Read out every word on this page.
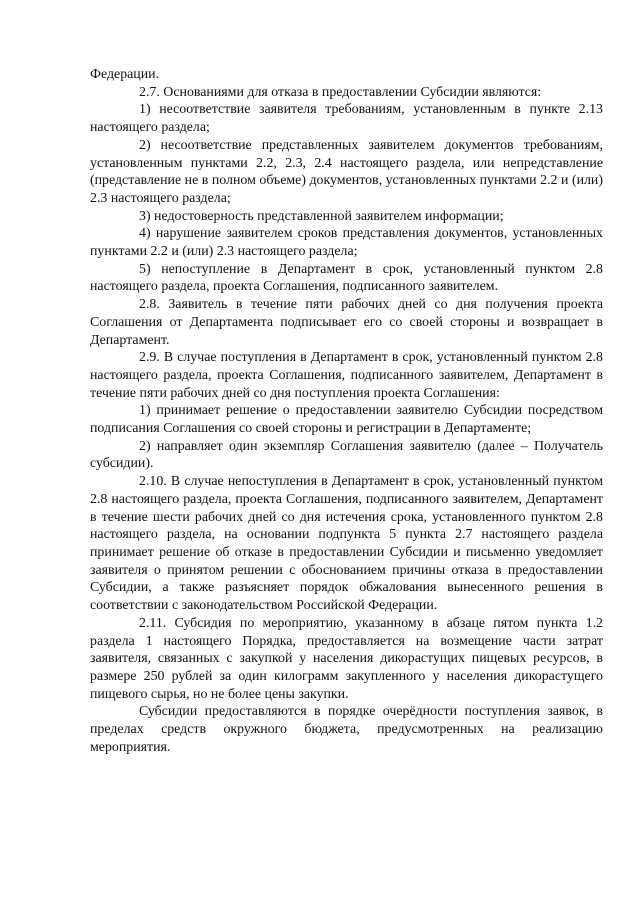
Федерации.

2.7. Основаниями для отказа в предоставлении Субсидии являются:

1) несоответствие заявителя требованиям, установленным в пункте 2.13 настоящего раздела;

2) несоответствие представленных заявителем документов требованиям, установленным пунктами 2.2, 2.3, 2.4 настоящего раздела, или непредставление (представление не в полном объеме) документов, установленных пунктами 2.2 и (или) 2.3 настоящего раздела;

3) недостоверность представленной заявителем информации;

4) нарушение заявителем сроков представления документов, установленных пунктами 2.2 и (или) 2.3 настоящего раздела;

5) непоступление в Департамент в срок, установленный пунктом 2.8 настоящего раздела, проекта Соглашения, подписанного заявителем.

2.8. Заявитель в течение пяти рабочих дней со дня получения проекта Соглашения от Департамента подписывает его со своей стороны и возвращает в Департамент.

2.9. В случае поступления в Департамент в срок, установленный пунктом 2.8 настоящего раздела, проекта Соглашения, подписанного заявителем, Департамент в течение пяти рабочих дней со дня поступления проекта Соглашения:

1) принимает решение о предоставлении заявителю Субсидии посредством подписания Соглашения со своей стороны и регистрации в Департаменте;

2) направляет один экземпляр Соглашения заявителю (далее – Получатель субсидии).

2.10. В случае непоступления в Департамент в срок, установленный пунктом 2.8 настоящего раздела, проекта Соглашения, подписанного заявителем, Департамент в течение шести рабочих дней со дня истечения срока, установленного пунктом 2.8 настоящего раздела, на основании подпункта 5 пункта 2.7 настоящего раздела принимает решение об отказе в предоставлении Субсидии и письменно уведомляет заявителя о принятом решении с обоснованием причины отказа в предоставлении Субсидии, а также разъясняет порядок обжалования вынесенного решения в соответствии с законодательством Российской Федерации.

2.11. Субсидия по мероприятию, указанному в абзаце пятом пункта 1.2 раздела 1 настоящего Порядка, предоставляется на возмещение части затрат заявителя, связанных с закупкой у населения дикорастущих пищевых ресурсов, в размере 250 рублей за один килограмм закупленного у населения дикорастущего пищевого сырья, но не более цены закупки.

Субсидии предоставляются в порядке очерёдности поступления заявок, в пределах средств окружного бюджета, предусмотренных на реализацию мероприятия.
